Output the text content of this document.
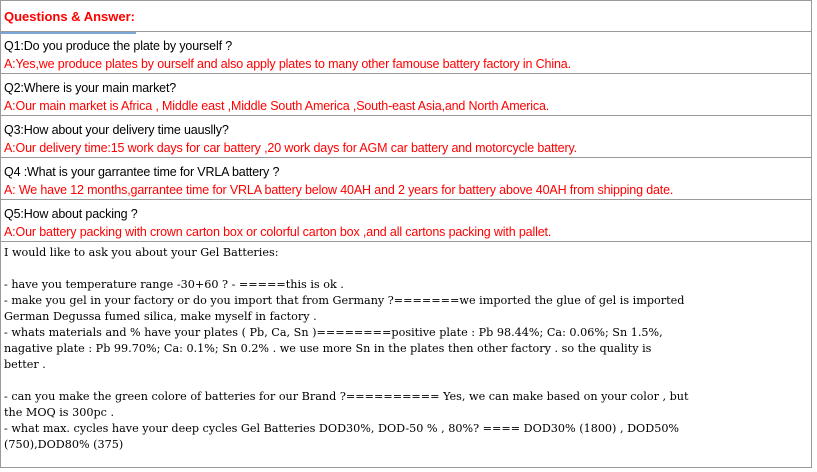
Questions & Answer:
Q1:Do you produce the plate by yourself ?
A:Yes,we produce plates by ourself and also apply plates to many other famouse battery factory in China.
Q2:Where is your main market?
A:Our main market is Africa , Middle east ,Middle South America ,South-east Asia,and North America.
Q3:How about your delivery time uauslly?
A:Our delivery time:15 work days for car battery ,20 work days for AGM car battery and motorcycle battery.
Q4 :What is your garrantee time for VRLA battery ?
A: We have 12 months,garrantee time for VRLA battery below 40AH and 2 years for battery above 40AH from shipping date.
Q5:How about packing ?
A:Our battery packing with crown carton box or colorful carton box ,and all cartons packing with pallet.
I would like to ask you about your Gel Batteries:
- have you temperature range -30+60 ? - =====this is ok .
- make you gel in your factory or do you import that from Germany ?=======we imported the glue of gel is imported
German Degussa fumed silica, make myself in factory .
- whats materials and % have your plates ( Pb, Ca, Sn )========positive plate : Pb 98.44%; Ca: 0.06%; Sn 1.5%,
nagative plate : Pb 99.70%; Ca: 0.1%; Sn 0.2% . we use more Sn in the plates then other factory . so the quality is
better .
- can you make the green colore of batteries for our Brand ?========== Yes, we can make based on your color , but
the MOQ is 300pc .
- what max. cycles have your deep cycles Gel Batteries DOD30%, DOD-50 % , 80%? ==== DOD30% (1800) , DOD50%
(750),DOD80% (375)
